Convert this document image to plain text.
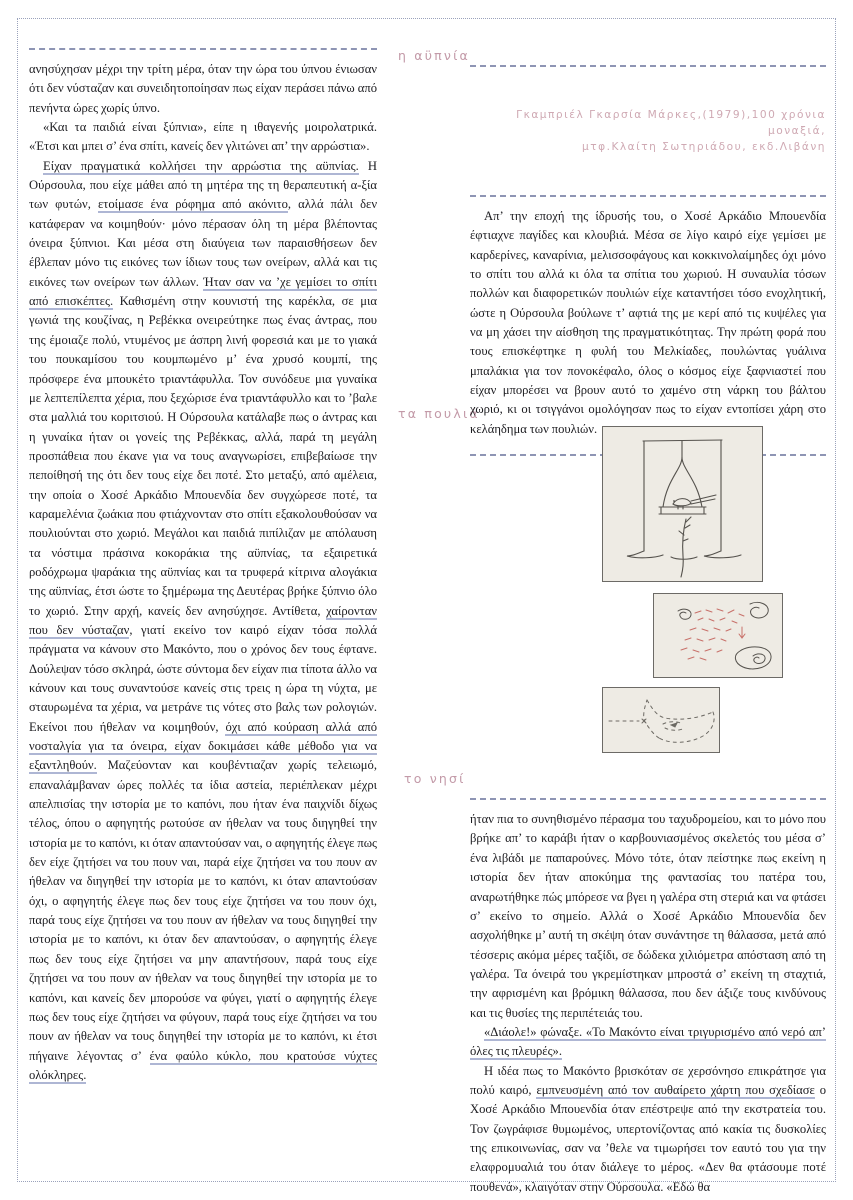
ανησύχησαν μέχρι την τρίτη μέρα, όταν την ώρα του ύπνου ένιωσαν ότι δεν νύσταζαν και συνειδητοποίησαν πως είχαν περάσει πάνω από πενήντα ώρες χωρίς ύπνο.

«Και τα παιδιά είναι ξύπνια», είπε η ιθαγενής μοιρολατρικά. «Έτσι και μπει σ’ ένα σπίτι, κανείς δεν γλιτώνει απ’ την αρρώστια».

Είχαν πραγματικά κολλήσει την αρρώστια της αϋπνίας. Η Ούρσουλα, που είχε μάθει από τη μητέρα της τη θεραπευτική α-ξία των φυτών, ετοίμασε ένα ρόφημα από ακόνιτο, αλλά πάλι δεν κατάφεραν να κοιμηθούν· μόνο πέρασαν όλη τη μέρα βλέποντας όνειρα ξύπνιοι. Και μέσα στη διαύγεια των παραισθήσεων δεν έβλεπαν μόνο τις εικόνες των ίδιων τους των ονείρων, αλλά και τις εικόνες των ονείρων των άλλων. Ήταν σαν να ’χε γεμίσει το σπίτι από επισκέπτες. Καθισμένη στην κουνιστή της καρέκλα, σε μια γωνιά της κουζίνας, η Ρεβέκκα ονειρεύτηκε πως ένας άντρας, που της έμοιαζε πολύ, ντυμένος με άσπρη λινή φορεσιά και με το γιακά του πουκαμίσου του κουμπωμένο μ’ ένα χρυσό κουμπί, της πρόσφερε ένα μπουκέτο τριαντάφυλλα. Τον συνόδευε μια γυναίκα με λεπτεπίλεπτα χέρια, που ξεχώρισε ένα τριαντάφυλλο και το ’βαλε στα μαλλιά του κοριτσιού. Η Ούρσουλα κατάλαβε πως ο άντρας και η γυναίκα ήταν οι γονείς της Ρεβέκκας, αλλά, παρά τη μεγάλη προσπάθεια που έκανε για να τους αναγνωρίσει, επιβεβαίωσε την πεποίθησή της ότι δεν τους είχε δει ποτέ. Στο μεταξύ, από αμέλεια, την οποία ο Χοσέ Αρκάδιο Μπουενδία δεν συγχώρεσε ποτέ, τα καραμελένια ζωάκια που φτιάχνονταν στο σπίτι εξακολουθούσαν να πουλιούνται στο χωριό. Μεγάλοι και παιδιά πιπίλιζαν με απόλαυση τα νόστιμα πράσινα κοκοράκια της αϋπνίας, τα εξαιρετικά ροδόχρωμα ψαράκια της αϋπνίας και τα τρυφερά κίτρινα αλογάκια της αϋπνίας, έτσι ώστε το ξημέρωμα της Δευτέρας βρήκε ξύπνιο όλο το χωριό. Στην αρχή, κανείς δεν ανησύχησε. Αντίθετα, χαίρονταν που δεν νύσταζαν, γιατί εκείνο τον καιρό είχαν τόσα πολλά πράγματα να κάνουν στο Μακόντο, που ο χρόνος δεν τους έφτανε. Δούλεψαν τόσο σκληρά, ώστε σύντομα δεν είχαν πια τίποτα άλλο να κάνουν και τους συναντούσε κανείς στις τρεις η ώρα τη νύχτα, με σταυρωμένα τα χέρια, να μετράνε τις νότες στο βαλς των ρολογιών. Εκείνοι που ήθελαν να κοιμηθούν, όχι από κούραση αλλά από νοσταλγία για τα όνειρα, είχαν δοκιμάσει κάθε μέθοδο για να εξαντληθούν. Μαζεύονταν και κουβέντιαζαν χωρίς τελειωμό, επαναλάμβαναν ώρες πολλές τα ίδια αστεία, περιέπλεκαν μέχρι απελπισίας την ιστορία με το καπόνι, που ήταν ένα παιχνίδι δίχως τέλος, όπου ο αφηγητής ρωτούσε αν ήθελαν να τους διηγηθεί την ιστορία με το καπόνι, κι όταν απαντούσαν ναι, ο αφηγητής έλεγε πως δεν είχε ζητήσει να του πουν ναι, παρά είχε ζητήσει να του πουν αν ήθελαν να διηγηθεί την ιστορία με το καπόνι, κι όταν απαντούσαν όχι, ο αφηγητής έλεγε πως δεν τους είχε ζητήσει να του πουν όχι, παρά τους είχε ζητήσει να του πουν αν ήθελαν να τους διηγηθεί την ιστορία με το καπόνι, κι όταν δεν απαντούσαν, ο αφηγητής έλεγε πως δεν τους είχε ζητήσει να μην απαντήσουν, παρά τους είχε ζητήσει να του πουν αν ήθελαν να τους διηγηθεί την ιστορία με το καπόνι, και κανείς δεν μπορούσε να φύγει, γιατί ο αφηγητής έλεγε πως δεν τους είχε ζητήσει να φύγουν, παρά τους είχε ζητήσει να του πουν αν ήθελαν να τους διηγηθεί την ιστορία με το καπόνι, κι έτσι πήγαινε λέγοντας σ’ ένα φαύλο κύκλο, που κρατούσε νύχτες ολόκληρες.

η αϋπνία
τα πουλιά
το νησί

Γκαμπριέλ Γκαρσία Μάρκες,(1979),100 χρόνια μοναξιά,

μτφ.Κλαίτη Σωτηριάδου, εκδ.Λιβάνη

Απ’ την εποχή της ίδρυσής του, ο Χοσέ Αρκάδιο Μπουενδία έφτιαχνε παγίδες και κλουβιά. Μέσα σε λίγο καιρό είχε γεμίσει με καρδερίνες, καναρίνια, μελισσοφάγους και κοκκινολαίμηδες όχι μόνο το σπίτι του αλλά κι όλα τα σπίτια του χωριού. Η συναυλία τόσων πολλών και διαφορετικών πουλιών είχε καταντήσει τόσο ενοχλητική, ώστε η Ούρσουλα βούλωνε τ’ αφτιά της με κερί από τις κυψέλες για να μη χάσει την αίσθηση της πραγματικότητας. Την πρώτη φορά που τους επισκέφτηκε η φυλή του Μελκίαδες, πουλώντας γυάλινα μπαλάκια για τον πονοκέφαλο, όλος ο κόσμος είχε ξαφνιαστεί που είχαν μπορέσει να βρουν αυτό το χαμένο στη νάρκη του βάλτου χωριό, κι οι τσιγγάνοι ομολόγησαν πως το είχαν εντοπίσει χάρη στο κελάηδημα των πουλιών.

ήταν πια το συνηθισμένο πέρασμα του ταχυδρομείου, και το μόνο που βρήκε απ’ το καράβι ήταν ο καρβουνιασμένος σκελετός του μέσα σ’ ένα λιβάδι με παπαρούνες. Μόνο τότε, όταν πείστηκε πως εκείνη η ιστορία δεν ήταν αποκύημα της φαντασίας του πατέρα του, αναρωτήθηκε πώς μπόρεσε να βγει η γαλέρα στη στεριά και να φτάσει σ’ εκείνο το σημείο. Αλλά ο Χοσέ Αρκάδιο Μπουενδία δεν ασχολήθηκε μ’ αυτή τη σκέψη όταν συνάντησε τη θάλασσα, μετά από τέσσερις ακόμα μέρες ταξίδι, σε δώδεκα χιλιόμετρα απόσταση από τη γαλέρα. Τα όνειρά του γκρεμίστηκαν μπροστά σ’ εκείνη τη σταχτιά, την αφρισμένη και βρόμικη θάλασσα, που δεν άξιζε τους κινδύνους και τις θυσίες της περιπέτειάς του.

«Διάολε!» φώναξε. «Το Μακόντο είναι τριγυρισμένο από νερό απ’ όλες τις πλευρές».

Η ιδέα πως το Μακόντο βρισκόταν σε χερσόνησο επικράτησε για πολύ καιρό, εμπνευσμένη από τον αυθαίρετο χάρτη που σχεδίασε ο Χοσέ Αρκάδιο Μπουενδία όταν επέστρεψε από την εκστρατεία του. Τον ζωγράφισε θυμωμένος, υπερτονίζοντας από κακία τις δυσκολίες της επικοινωνίας, σαν να ’θελε να τιμωρήσει τον εαυτό του για την ελαφρομυαλιά του όταν διάλεγε το μέρος. «Δεν θα φτάσουμε ποτέ πουθενά», κλαιγόταν στην Ούρσουλα. «Εδώ θα
